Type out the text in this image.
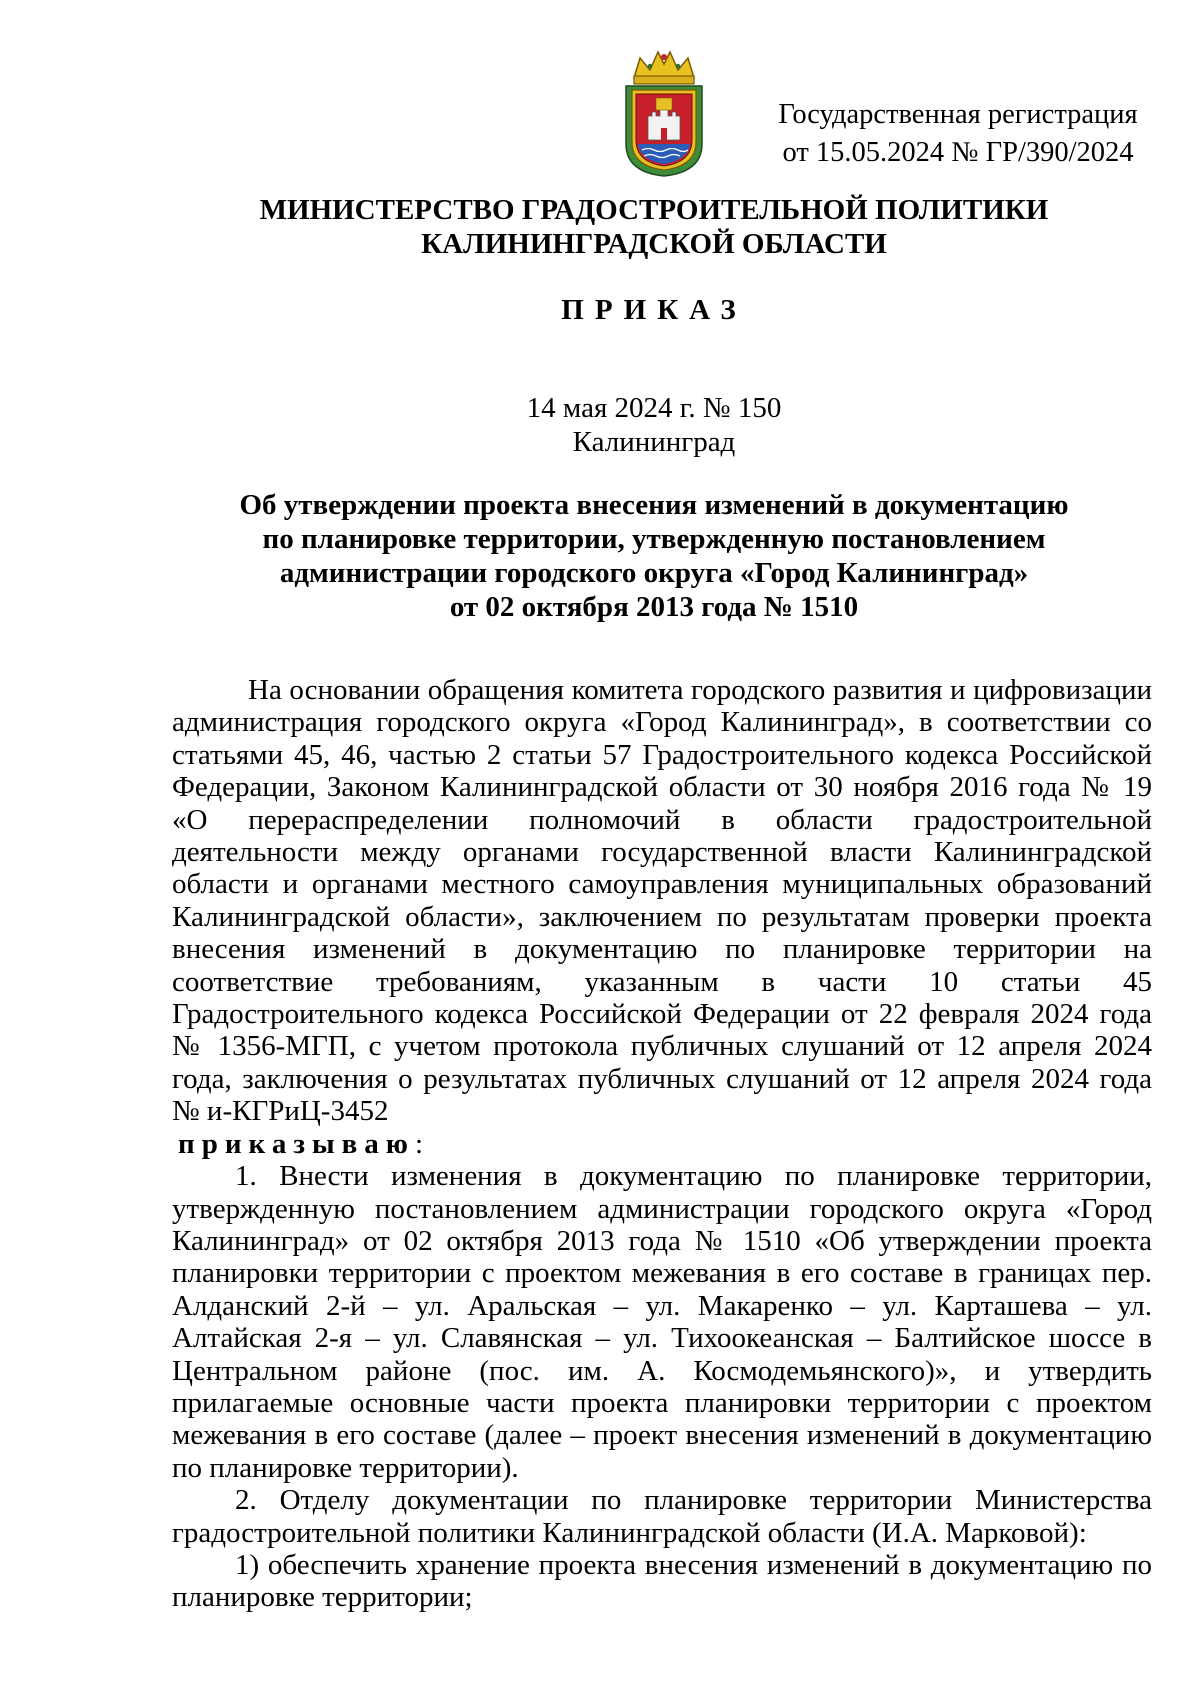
Государственная регистрация
от 15.05.2024 № ГР/390/2024
МИНИСТЕРСТВО ГРАДОСТРОИТЕЛЬНОЙ ПОЛИТИКИ
КАЛИНИНГРАДСКОЙ ОБЛАСТИ
ПРИКАЗ
14 мая 2024 г. № 150
Калининград
Об утверждении проекта внесения изменений в документацию
по планировке территории, утвержденную постановлением
администрации городского округа «Город Калининград»
от 02 октября 2013 года № 1510

На основании обращения комитета городского развития и цифровизации администрация городского округа «Город Калининград», в соответствии со статьями 45, 46, частью 2 статьи 57 Градостроительного кодекса Российской Федерации, Законом Калининградской области от 30 ноября 2016 года № 19 «О перераспределении полномочий в области градостроительной деятельности между органами государственной власти Калининградской области и органами местного самоуправления муниципальных образований Калининградской области», заключением по результатам проверки проекта внесения изменений в документацию по планировке территории на соответствие требованиям, указанным в части 10 статьи 45 Градостроительного кодекса Российской Федерации от 22 февраля 2024 года № 1356-МГП, с учетом протокола публичных слушаний от 12 апреля 2024 года, заключения о результатах публичных слушаний от 12 апреля 2024 года № и-КГРиЦ-3452

приказываю:

1. Внести изменения в документацию по планировке территории, утвержденную постановлением администрации городского округа «Город Калининград» от 02 октября 2013 года № 1510 «Об утверждении проекта планировки территории с проектом межевания в его составе в границах пер. Алданский 2-й – ул. Аральская – ул. Макаренко – ул. Карташева – ул. Алтайская 2-я – ул. Славянская – ул. Тихоокеанская – Балтийское шоссе в Центральном районе (пос. им. А. Космодемьянского)», и утвердить прилагаемые основные части проекта планировки территории с проектом межевания в его составе (далее – проект внесения изменений в документацию по планировке территории).

2. Отделу документации по планировке территории Министерства градостроительной политики Калининградской области (И.А. Марковой):

1) обеспечить хранение проекта внесения изменений в документацию по планировке территории;
